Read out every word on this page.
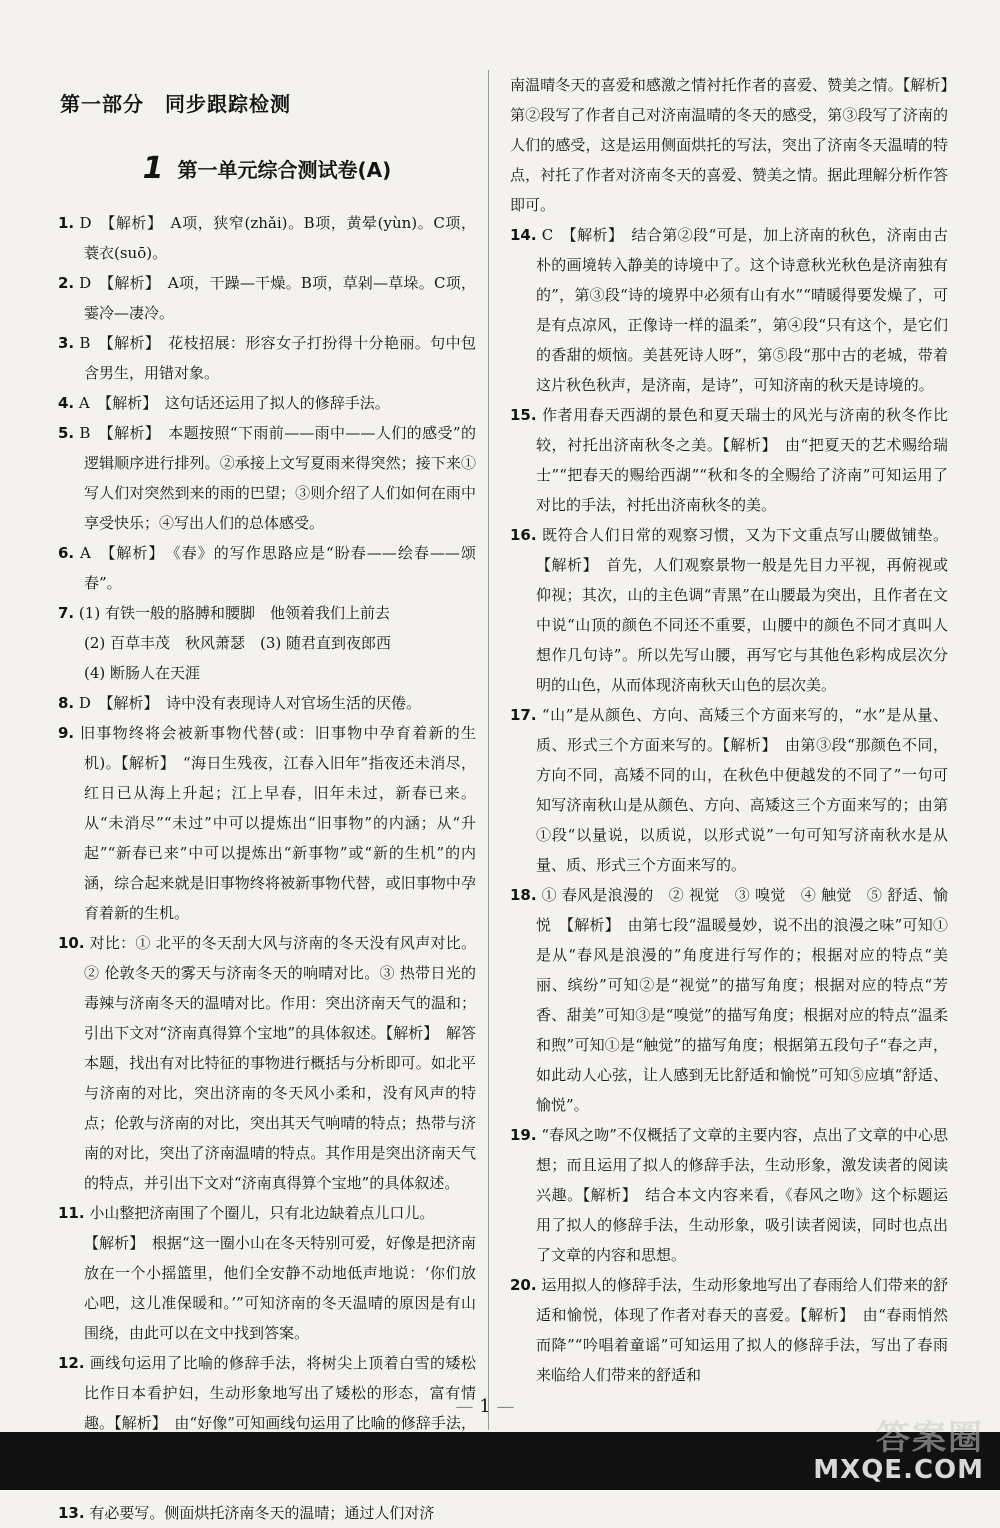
第一部分　同步跟踪检测
1 第一单元综合测试卷(A)

1. D　【解析】　A项，狭窄(zhǎi)。B项，黄晕(yùn)。C项，蓑衣(suō)。

2. D　【解析】　A项，干躁—干燥。B项，草剁—草垛。C项，霎冷—凄冷。

3. B　【解析】　花枝招展：形容女子打扮得十分艳丽。句中包含男生，用错对象。

4. A　【解析】　这句话还运用了拟人的修辞手法。

5. B　【解析】　本题按照“下雨前——雨中——人们的感受”的逻辑顺序进行排列。②承接上文写夏雨来得突然；接下来①写人们对突然到来的雨的巴望；③则介绍了人们如何在雨中享受快乐；④写出人们的总体感受。

6. A　【解析】　《春》的写作思路应是“盼春——绘春——颂春”。

7. (1) 有铁一般的胳膊和腰脚　他领着我们上前去
(2) 百草丰茂　秋风萧瑟　(3) 随君直到夜郎西
(4) 断肠人在天涯

8. D　【解析】　诗中没有表现诗人对官场生活的厌倦。

9. 旧事物终将会被新事物代替(或：旧事物中孕育着新的生机)。【解析】　“海日生残夜，江春入旧年”指夜还未消尽，红日已从海上升起；江上早春，旧年未过，新春已来。从“未消尽”“未过”中可以提炼出“旧事物”的内涵；从“升起”“新春已来”中可以提炼出“新事物”或“新的生机”的内涵，综合起来就是旧事物终将被新事物代替，或旧事物中孕育着新的生机。

10. 对比：① 北平的冬天刮大风与济南的冬天没有风声对比。② 伦敦冬天的雾天与济南冬天的响晴对比。③ 热带日光的毒辣与济南冬天的温晴对比。作用：突出济南天气的温和；引出下文对“济南真得算个宝地”的具体叙述。【解析】　解答本题，找出有对比特征的事物进行概括与分析即可。如北平与济南的对比，突出济南的冬天风小柔和，没有风声的特点；伦敦与济南的对比，突出其天气响晴的特点；热带与济南的对比，突出了济南温晴的特点。其作用是突出济南天气的特点，并引出下文对“济南真得算个宝地”的具体叙述。

11. 小山整把济南围了个圈儿，只有北边缺着点儿口儿。
【解析】　根据“这一圈小山在冬天特别可爱，好像是把济南放在一个小摇篮里，他们全安静不动地低声地说：‘你们放心吧，这儿准保暖和。’”可知济南的冬天温晴的原因是有山围绕，由此可以在文中找到答案。

12. 画线句运用了比喻的修辞手法，将树尖上顶着白雪的矮松比作日本看护妇，生动形象地写出了矮松的形态，富有情趣。【解析】　由“好像”可知画线句运用了比喻的修辞手法，

13. 有必要写。侧面烘托济南冬天的温晴；通过人们对济

南温晴冬天的喜爱和感激之情衬托作者的喜爱、赞美之情。【解析】　第②段写了作者自己对济南温晴的冬天的感受，第③段写了济南的人们的感受，这是运用侧面烘托的写法，突出了济南冬天温晴的特点，衬托了作者对济南冬天的喜爱、赞美之情。据此理解分析作答即可。

14. C　【解析】　结合第②段“可是，加上济南的秋色，济南由古朴的画境转入静美的诗境中了。这个诗意秋光秋色是济南独有的”，第③段“诗的境界中必须有山有水”“晴暖得要发燥了，可是有点凉风，正像诗一样的温柔”，第④段“只有这个，是它们的香甜的烦恼。美甚死诗人呀”，第⑤段“那中古的老城，带着这片秋色秋声，是济南，是诗”，可知济南的秋天是诗境的。

15. 作者用春天西湖的景色和夏天瑞士的风光与济南的秋冬作比较，衬托出济南秋冬之美。【解析】　由“把夏天的艺术赐给瑞士”“把春天的赐给西湖”“秋和冬的全赐给了济南”可知运用了对比的手法，衬托出济南秋冬的美。

16. 既符合人们日常的观察习惯，又为下文重点写山腰做铺垫。【解析】　首先，人们观察景物一般是先目力平视，再俯视或仰视；其次，山的主色调“青黑”在山腰最为突出，且作者在文中说“山顶的颜色不同还不重要，山腰中的颜色不同才真叫人想作几句诗”。所以先写山腰，再写它与其他色彩构成层次分明的山色，从而体现济南秋天山色的层次美。

17. “山”是从颜色、方向、高矮三个方面来写的，“水”是从量、质、形式三个方面来写的。【解析】　由第③段“那颜色不同，方向不同，高矮不同的山，在秋色中便越发的不同了”一句可知写济南秋山是从颜色、方向、高矮这三个方面来写的；由第①段“以量说，以质说，以形式说”一句可知写济南秋水是从量、质、形式三个方面来写的。

18. ① 春风是浪漫的　② 视觉　③ 嗅觉　④ 触觉　⑤ 舒适、愉悦　【解析】　由第七段“温暖曼妙，说不出的浪漫之味”可知①是从“春风是浪漫的”角度进行写作的；根据对应的特点“美丽、缤纷”可知②是“视觉”的描写角度；根据对应的特点“芳香、甜美”可知③是“嗅觉”的描写角度；根据对应的特点“温柔和煦”可知①是“触觉”的描写角度；根据第五段句子“春之声，如此动人心弦，让人感到无比舒适和愉悦”可知⑤应填“舒适、愉悦”。

19. “春风之吻”不仅概括了文章的主要内容，点出了文章的中心思想；而且运用了拟人的修辞手法，生动形象，激发读者的阅读兴趣。【解析】　结合本文内容来看，《春风之吻》这个标题运用了拟人的修辞手法，生动形象，吸引读者阅读，同时也点出了文章的内容和思想。

20. 运用拟人的修辞手法，生动形象地写出了春雨给人们带来的舒适和愉悦，体现了作者对春天的喜爱。【解析】　由“春雨悄然而降”“吟唱着童谣”可知运用了拟人的修辞手法，写出了春雨来临给人们带来的舒适和

— 1 —
答案圈
MXQE.COM
